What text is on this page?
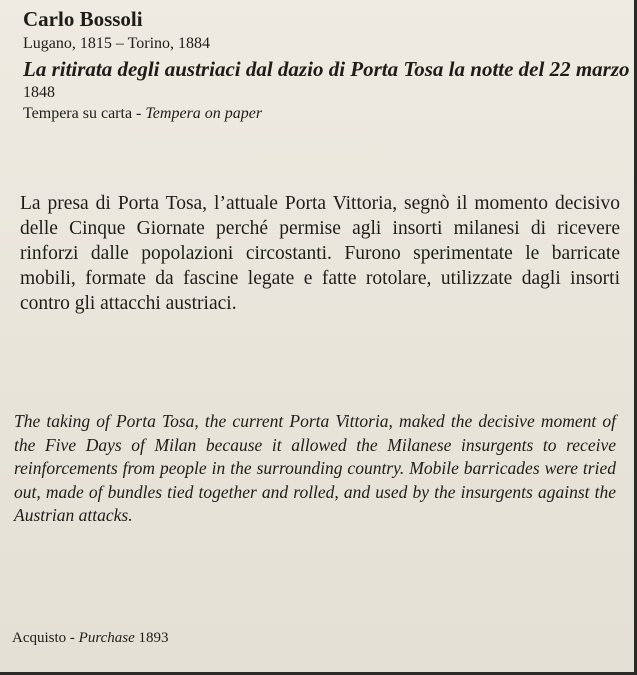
Carlo Bossoli

Lugano, 1815 – Torino, 1884

La ritirata degli austriaci dal dazio di Porta Tosa la notte del 22 marzo

1848

Tempera su carta - Tempera on paper

La presa di Porta Tosa, l’attuale Porta Vittoria, segnò il momento decisivo delle Cinque Giornate perché permise agli insorti milanesi di ricevere rinforzi dalle popolazioni circostanti. Furono sperimentate le barricate mobili, formate da fascine legate e fatte rotolare, utilizzate dagli insorti contro gli attacchi austriaci.

The taking of Porta Tosa, the current Porta Vittoria, maked the decisive moment of the Five Days of Milan because it allowed the Milanese insurgents to receive reinforcements from people in the surrounding country. Mobile barricades were tried out, made of bundles tied together and rolled, and used by the insurgents against the Austrian attacks.

Acquisto - Purchase 1893
